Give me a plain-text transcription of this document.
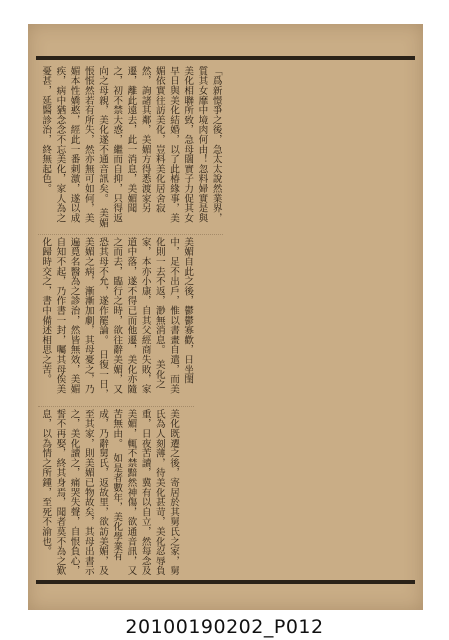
「爲新憬爭之後，急太太說然業界，質其女靡中境肉何由！忽料婦實是與美化相聯所致，急母闊實子力促其女早日與美化結婚，以了此椿緣事，美媚依實往訪美化，豈料美化居舍寂然，詢諸其鄰，美媚方得悉渡家另遷，離此遠去，此一消息，美媚聞之，初不禁大惑，繼而自抑，只得返向之母親，美化遂不通音訊矣。　美媚悵悵然若有所失，然亦無可如何，美媚本性嬌憨，經此一番刺激，遂以成疾，病中猶念念不忘美化，家人為之憂甚，延醫診治，終無起色。
美媚自此之後，鬱鬱寡歡，日坐閨中，足不出戶，惟以書畫自遣，而美化則一去不返，渺無消息。　美化之家，本亦小康，自其父經商失敗，家道中落，遂不得已而他遷，美化亦隨之而去，臨行之時，欲往辭美媚，又恐其母不允，遂作罷論。　日復一日，美媚之病，漸漸加劇，其母憂之，乃遍覓名醫為之診治，然皆無效，美媚自知不起，乃作書一封，囑其母俟美化歸時交之，書中備述相思之苦。
美化既遷之後，寄居於其舅氏之家，舅氏為人刻薄，待美化甚苛，美化忍辱負重，日夜苦讀，冀有以自立，然每念及美媚，輒不禁黯然神傷，欲通音訊，又苦無由。　如是者數年，美化學業有成，乃辭舅氏，返故里，欲訪美媚，及至其家，則美媚已物故矣，其母出書示之，美化讀之，痛哭失聲，自恨負心，誓不再娶，終其身焉，聞者莫不為之歎息，以為情之所鍾，至死不渝也。
20100190202_P012
